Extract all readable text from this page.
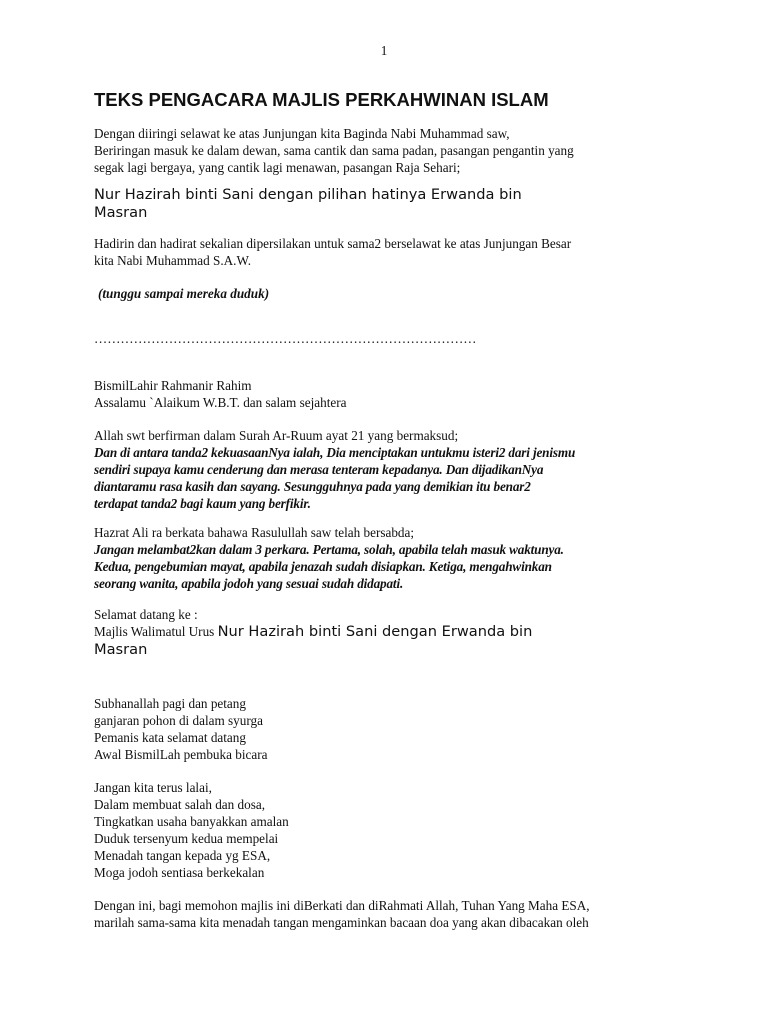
1
TEKS PENGACARA MAJLIS PERKAHWINAN ISLAM
Dengan diiringi selawat ke atas Junjungan kita Baginda Nabi Muhammad saw,
Beriringan masuk ke dalam dewan, sama cantik dan sama padan, pasangan pengantin yang
segak lagi bergaya, yang cantik lagi menawan, pasangan Raja Sehari;
Nur Hazirah binti Sani dengan pilihan hatinya Erwanda bin
Masran
Hadirin dan hadirat sekalian dipersilakan untuk sama2 berselawat ke atas Junjungan Besar
kita Nabi Muhammad S.A.W.
(tunggu sampai mereka duduk)
……………………………………………………………………………
BismilLahir Rahmanir Rahim
Assalamu `Alaikum W.B.T. dan salam sejahtera
Allah swt berfirman dalam Surah Ar-Ruum ayat 21 yang bermaksud;
Dan di antara tanda2 kekuasaanNya ialah, Dia menciptakan untukmu isteri2 dari jenismu
sendiri supaya kamu cenderung dan merasa tenteram kepadanya. Dan dijadikanNya
diantaramu rasa kasih dan sayang. Sesungguhnya pada yang demikian itu benar2
terdapat tanda2 bagi kaum yang berfikir.
Hazrat Ali ra berkata bahawa Rasulullah saw telah bersabda;
Jangan melambat2kan dalam 3 perkara. Pertama, solah, apabila telah masuk waktunya.
Kedua, pengebumian mayat, apabila jenazah sudah disiapkan. Ketiga, mengahwinkan
seorang wanita, apabila jodoh yang sesuai sudah didapati.
Selamat datang ke :
Majlis Walimatul Urus Nur Hazirah binti Sani dengan Erwanda bin
Masran
Subhanallah pagi dan petang
ganjaran pohon di dalam syurga
Pemanis kata selamat datang
Awal BismilLah pembuka bicara
Jangan kita terus lalai,
Dalam membuat salah dan dosa,
Tingkatkan usaha banyakkan amalan
Duduk tersenyum kedua mempelai
Menadah tangan kepada yg ESA,
Moga jodoh sentiasa berkekalan
Dengan ini, bagi memohon majlis ini diBerkati dan diRahmati Allah, Tuhan Yang Maha ESA,
marilah sama-sama kita menadah tangan mengaminkan bacaan doa yang akan dibacakan oleh
